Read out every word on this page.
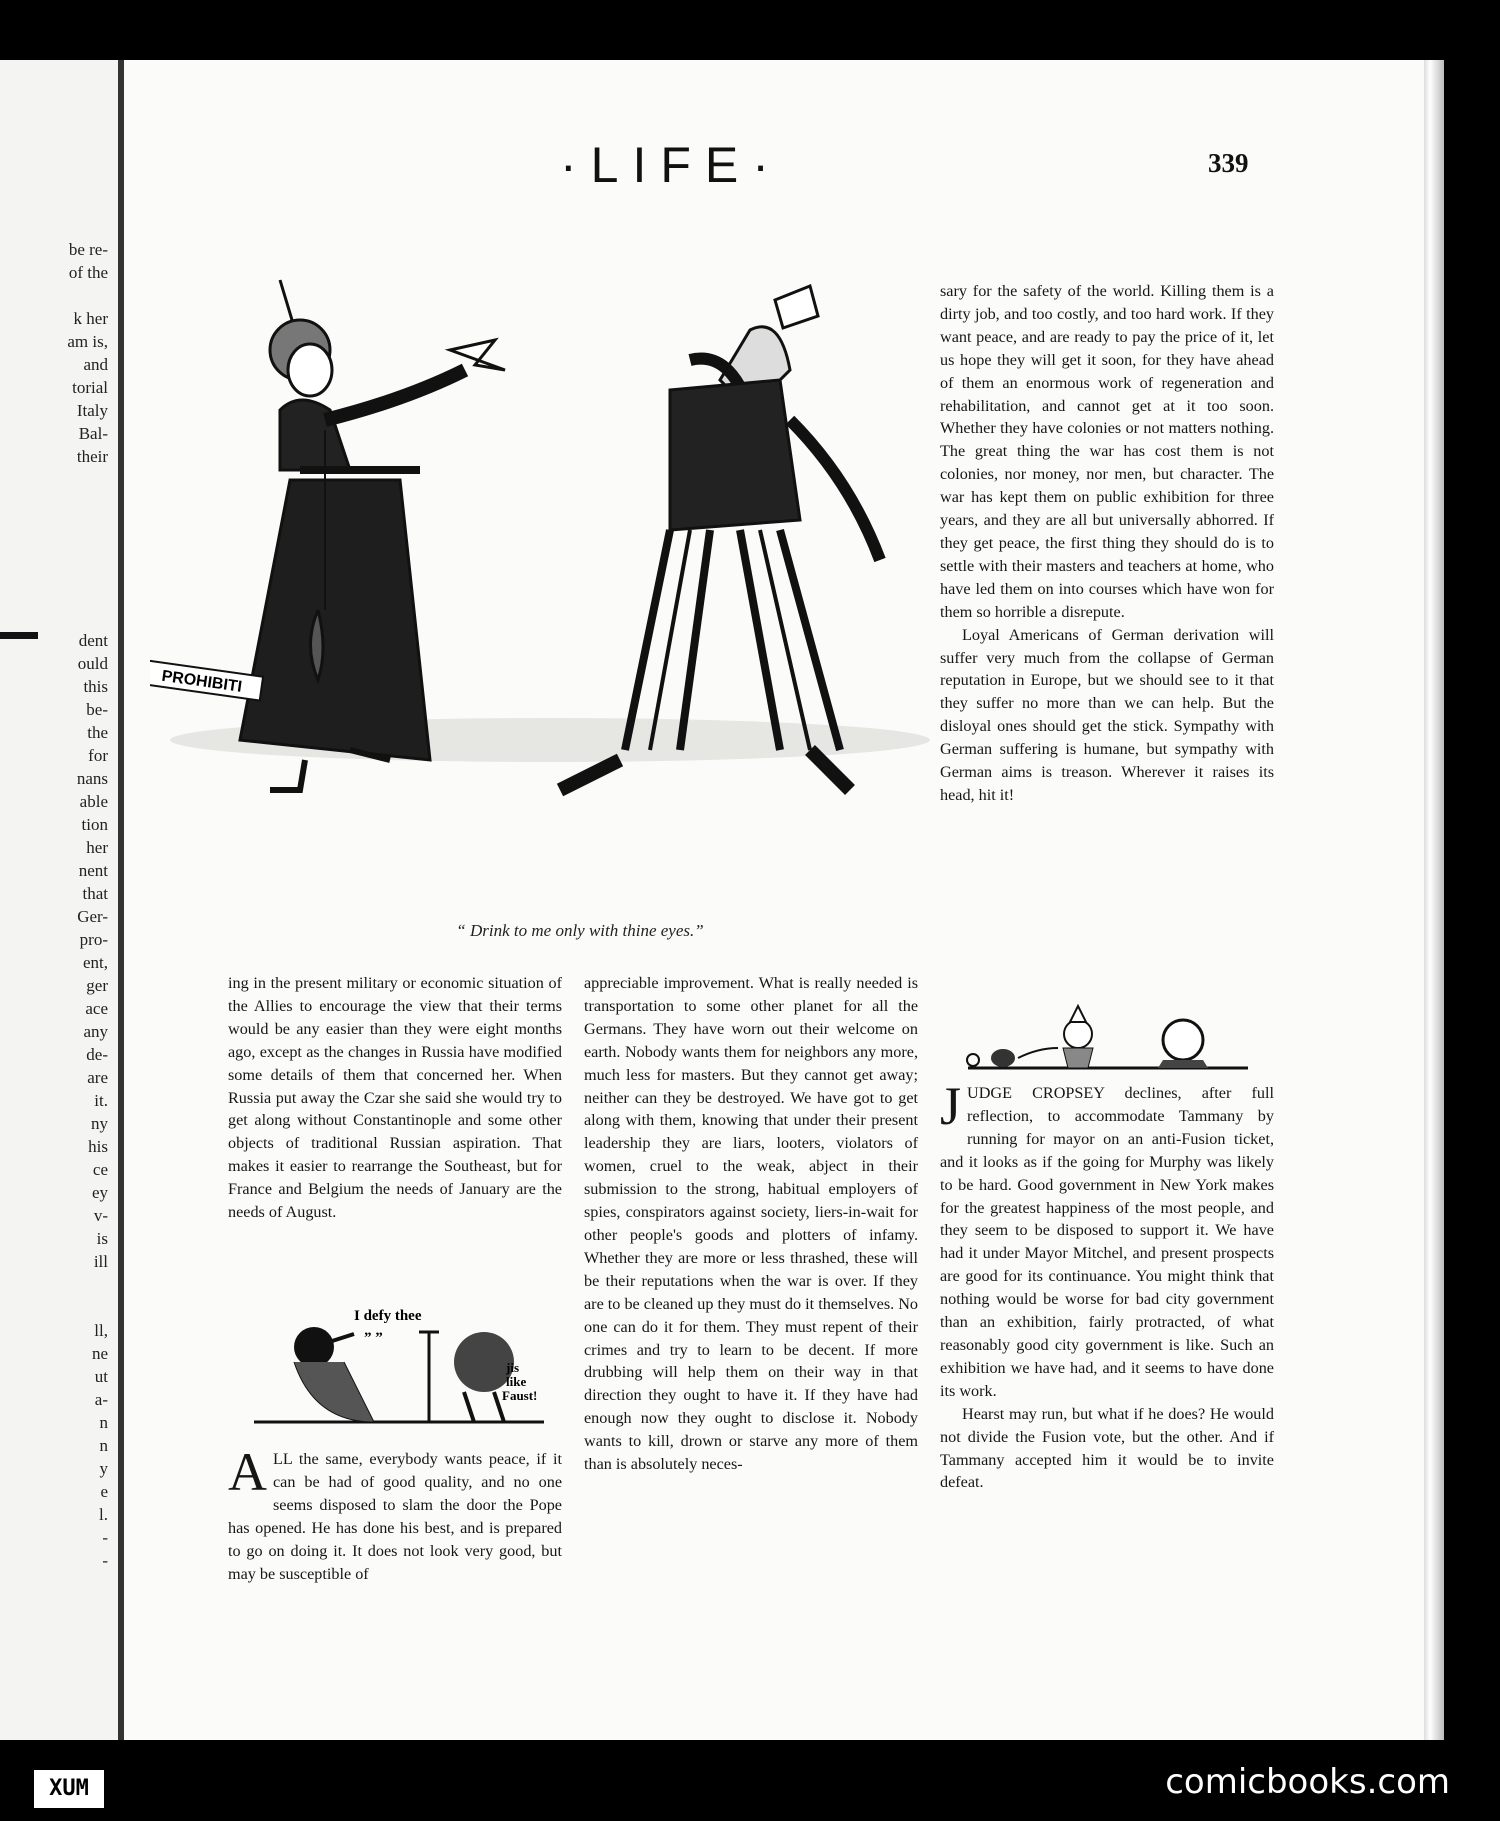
be re-
of the
k her
am is,
and
torial
Italy
Bal-
their
dent
ould
this
be-
the
for
nans
able
tion
her
nent
that
Ger-
pro-
ent,
ger
ace
any
de-
are
it.
ny
his
ce
ey
v-
is
ill
ll,
ne
ut
a-
n
n
y
e
l.
-
-
·LIFE·	339
PROHIBITI
“ Drink to me only with thine eyes.”

ing in the present military or economic situation of the Allies to encourage the view that their terms would be any easier than they were eight months ago, except as the changes in Russia have modified some details of them that concerned her. When Russia put away the Czar she said she would try to get along without Constantinople and some other objects of traditional Russian aspiration. That makes it easier to rearrange the Southeast, but for France and Belgium the needs of January are the needs of August.

I defy thee
” ”
jis
like
Faust!

ALL the same, everybody wants peace, if it can be had of good quality, and no one seems disposed to slam the door the Pope has opened. He has done his best, and is prepared to go on doing it. It does not look very good, but may be susceptible of

appreciable improvement. What is really needed is transportation to some other planet for all the Germans. They have worn out their welcome on earth. Nobody wants them for neighbors any more, much less for masters. But they cannot get away; neither can they be destroyed. We have got to get along with them, knowing that under their present leadership they are liars, looters, violators of women, cruel to the weak, abject in their submission to the strong, habitual employers of spies, conspirators against society, liers-in-wait for other people's goods and plotters of infamy. Whether they are more or less thrashed, these will be their reputations when the war is over. If they are to be cleaned up they must do it themselves. No one can do it for them. They must repent of their crimes and try to learn to be decent. If more drubbing will help them on their way in that direction they ought to have it. If they have had enough now they ought to disclose it. Nobody wants to kill, drown or starve any more of them than is absolutely neces-

sary for the safety of the world. Killing them is a dirty job, and too costly, and too hard work. If they want peace, and are ready to pay the price of it, let us hope they will get it soon, for they have ahead of them an enormous work of regeneration and rehabilitation, and cannot get at it too soon. Whether they have colonies or not matters nothing. The great thing the war has cost them is not colonies, nor money, nor men, but character. The war has kept them on public exhibition for three years, and they are all but universally abhorred. If they get peace, the first thing they should do is to settle with their masters and teachers at home, who have led them on into courses which have won for them so horrible a disrepute.

Loyal Americans of German derivation will suffer very much from the collapse of German reputation in Europe, but we should see to it that they suffer no more than we can help. But the disloyal ones should get the stick. Sympathy with German suffering is humane, but sympathy with German aims is treason. Wherever it raises its head, hit it!

JUDGE CROPSEY declines, after full reflection, to accommodate Tammany by running for mayor on an anti-Fusion ticket, and it looks as if the going for Murphy was likely to be hard. Good government in New York makes for the greatest happiness of the most people, and they seem to be disposed to support it. We have had it under Mayor Mitchel, and present prospects are good for its continuance. You might think that nothing would be worse for bad city government than an exhibition, fairly protracted, of what reasonably good city government is like. Such an exhibition we have had, and it seems to have done its work.

Hearst may run, but what if he does? He would not divide the Fusion vote, but the other. And if Tammany accepted him it would be to invite defeat.

XUM	comicbooks.com
